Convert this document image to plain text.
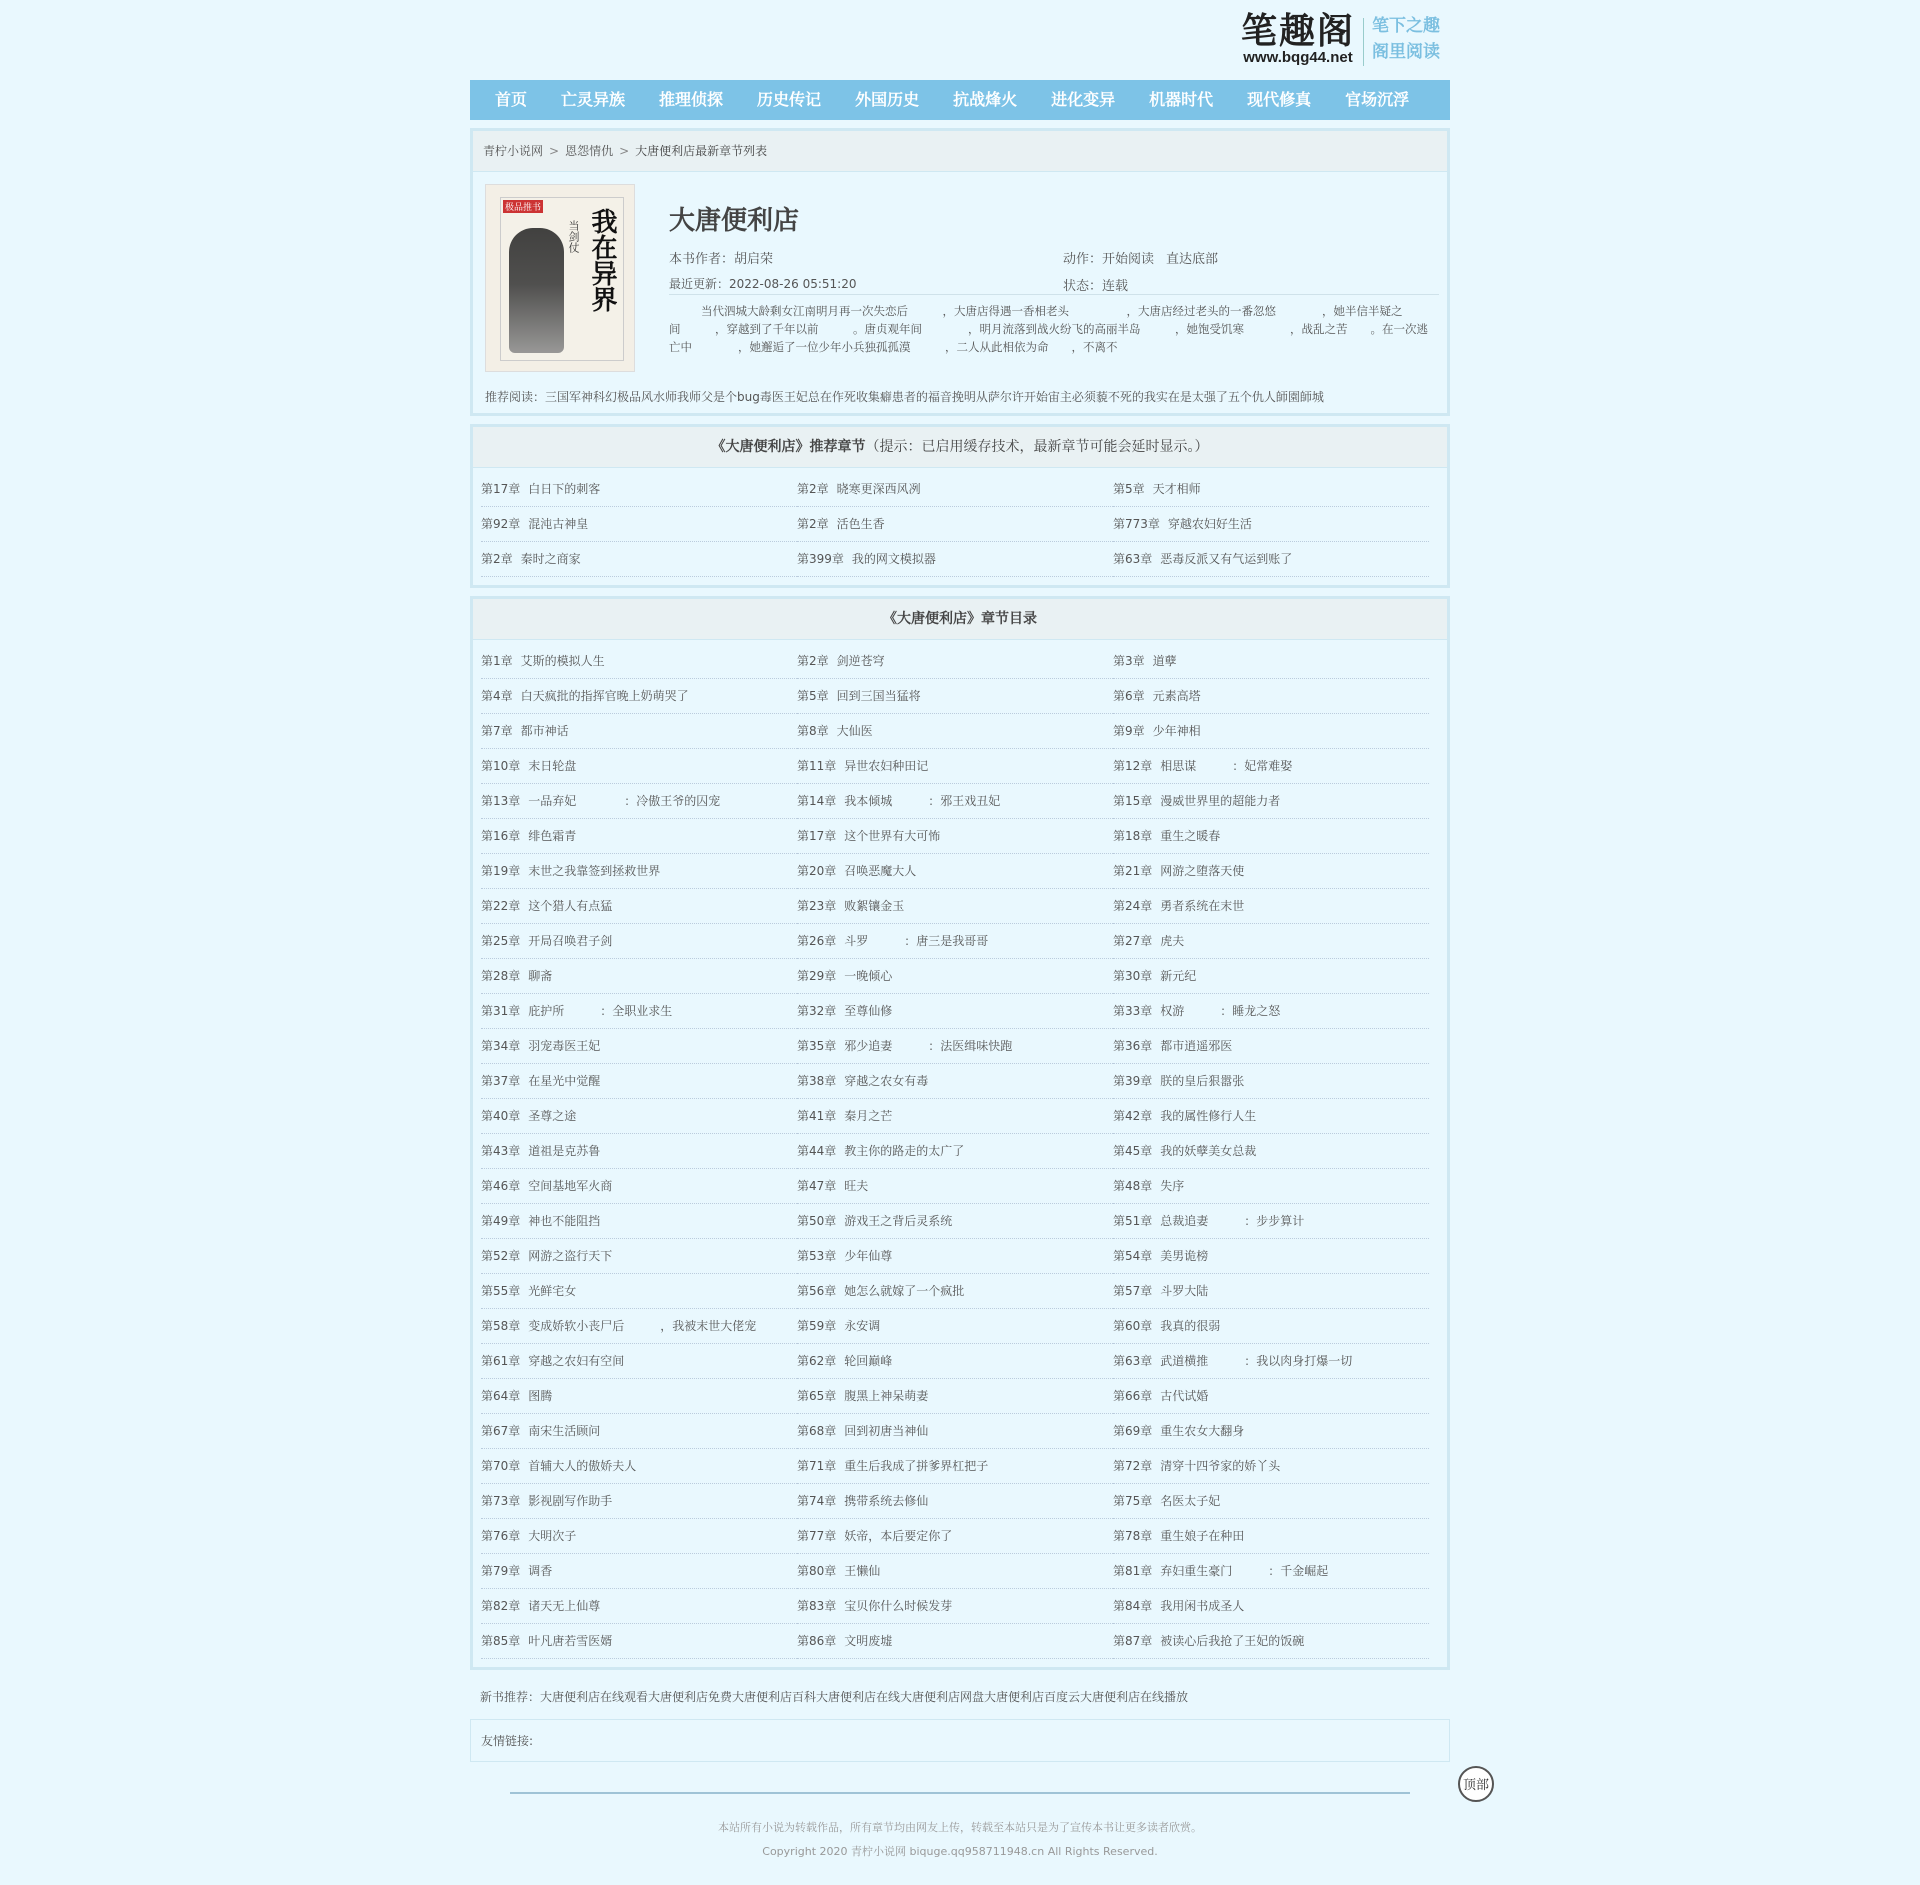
笔趣阁
www.bqg44.net
笔下之趣
阁里阅读
首页	亡灵异族	推理侦探	历史传记	外国历史	抗战烽火	进化变异	机器时代	现代修真	官场沉浮
青柠小说网 > 恩怨情仇 > 大唐便利店最新章节列表
极品推书
当剑仗 我在异界 大唐便利店
本书作者：胡启荣	动作：开始阅读 直达底部
最近更新：2022-08-26 05:51:20	状态：连载
当代泗城大龄剩女江南明月再一次失恋后　　　，大唐店得遇一香相老头　　　　　，大唐店经过老头的一番忽悠　　　　，她半信半疑之间　　　，穿越到了千年以前　　　。唐贞观年间　　　　，明月流落到战火纷飞的高丽半岛　　　，她饱受饥寒　　　　，战乱之苦　　。在一次逃亡中　　　　，她邂逅了一位少年小兵独孤孤漠　　　，二人从此相依为命　　，不离不
推荐阅读：三国军神科幻极品风水师我师父是个bug毒医王妃总在作死收集癖患者的福音挽明从萨尔许开始宙主必须藐不死的我实在是太强了五个仇人師園師城
《大唐便利店》推荐章节（提示：已启用缓存技术，最新章节可能会延时显示。）
第17章 白日下的刺客	第2章 晓寒更深西风冽	第5章 天才相师
第92章 混沌古神皇	第2章 活色生香	第773章 穿越农妇好生活
第2章 秦时之商家	第399章 我的网文模拟器	第63章 恶毒反派又有气运到账了
《大唐便利店》章节目录
第1章 艾斯的模拟人生	第2章 剑逆苍穹	第3章 道孽
第4章 白天疯批的指挥官晚上奶萌哭了	第5章 回到三国当猛将	第6章 元素高塔
第7章 都市神话	第8章 大仙医	第9章 少年神相
第10章 末日轮盘	第11章 异世农妇种田记	第12章 相思谋　　　：妃常难娶
第13章 一品弃妃　　　　：冷傲王爷的囚宠	第14章 我本倾城　　　：邪王戏丑妃	第15章 漫威世界里的超能力者
第16章 绯色霜青	第17章 这个世界有大可怖	第18章 重生之暖春
第19章 末世之我靠签到拯救世界	第20章 召唤恶魔大人	第21章 网游之堕落天使
第22章 这个猎人有点猛	第23章 败絮镶金玉	第24章 勇者系统在末世
第25章 开局召唤君子剑	第26章 斗罗　　　：唐三是我哥哥	第27章 虎夫
第28章 聊斋	第29章 一晚倾心	第30章 新元纪
第31章 庇护所　　　：全职业求生	第32章 至尊仙修	第33章 权游　　　：睡龙之怒
第34章 羽宠毒医王妃	第35章 邪少追妻　　　：法医缉味快跑	第36章 都市逍遥邪医
第37章 在星光中觉醒	第38章 穿越之农女有毒	第39章 朕的皇后狠嚣张
第40章 圣尊之途	第41章 秦月之芒	第42章 我的属性修行人生
第43章 道祖是克苏鲁	第44章 教主你的路走的太广了	第45章 我的妖孽美女总裁
第46章 空间基地军火商	第47章 旺夫	第48章 失序
第49章 神也不能阻挡	第50章 游戏王之背后灵系统	第51章 总裁追妻　　　：步步算计
第52章 网游之盗行天下	第53章 少年仙尊	第54章 美男诡榜
第55章 光鲜宅女	第56章 她怎么就嫁了一个疯批	第57章 斗罗大陆
第58章 变成娇软小丧尸后　　　，我被末世大佬宠	第59章 永安调	第60章 我真的很弱
第61章 穿越之农妇有空间	第62章 轮回巅峰	第63章 武道横推　　　：我以肉身打爆一切
第64章 图腾	第65章 腹黑上神呆萌妻	第66章 古代试婚
第67章 南宋生活顾问	第68章 回到初唐当神仙	第69章 重生农女大翻身
第70章 首辅大人的傲娇夫人	第71章 重生后我成了拼爹界杠把子	第72章 清穿十四爷家的娇丫头
第73章 影视剧写作助手	第74章 携带系统去修仙	第75章 名医太子妃
第76章 大明次子	第77章 妖帝，本后要定你了	第78章 重生娘子在种田
第79章 调香	第80章 王懒仙	第81章 弃妇重生豪门　　　：千金崛起
第82章 诸天无上仙尊	第83章 宝贝你什么时候发芽	第84章 我用闲书成圣人
第85章 叶凡唐若雪医婿	第86章 文明废墟	第87章 被读心后我抢了王妃的饭碗
新书推荐：大唐便利店在线观看大唐便利店免费大唐便利店百科大唐便利店在线大唐便利店网盘大唐便利店百度云大唐便利店在线播放
友情链接:
本站所有小说为转载作品，所有章节均由网友上传，转载至本站只是为了宣传本书让更多读者欣赏。
Copyright 2020 青柠小说网 biquge.qq958711948.cn All Rights Reserved.
顶部
